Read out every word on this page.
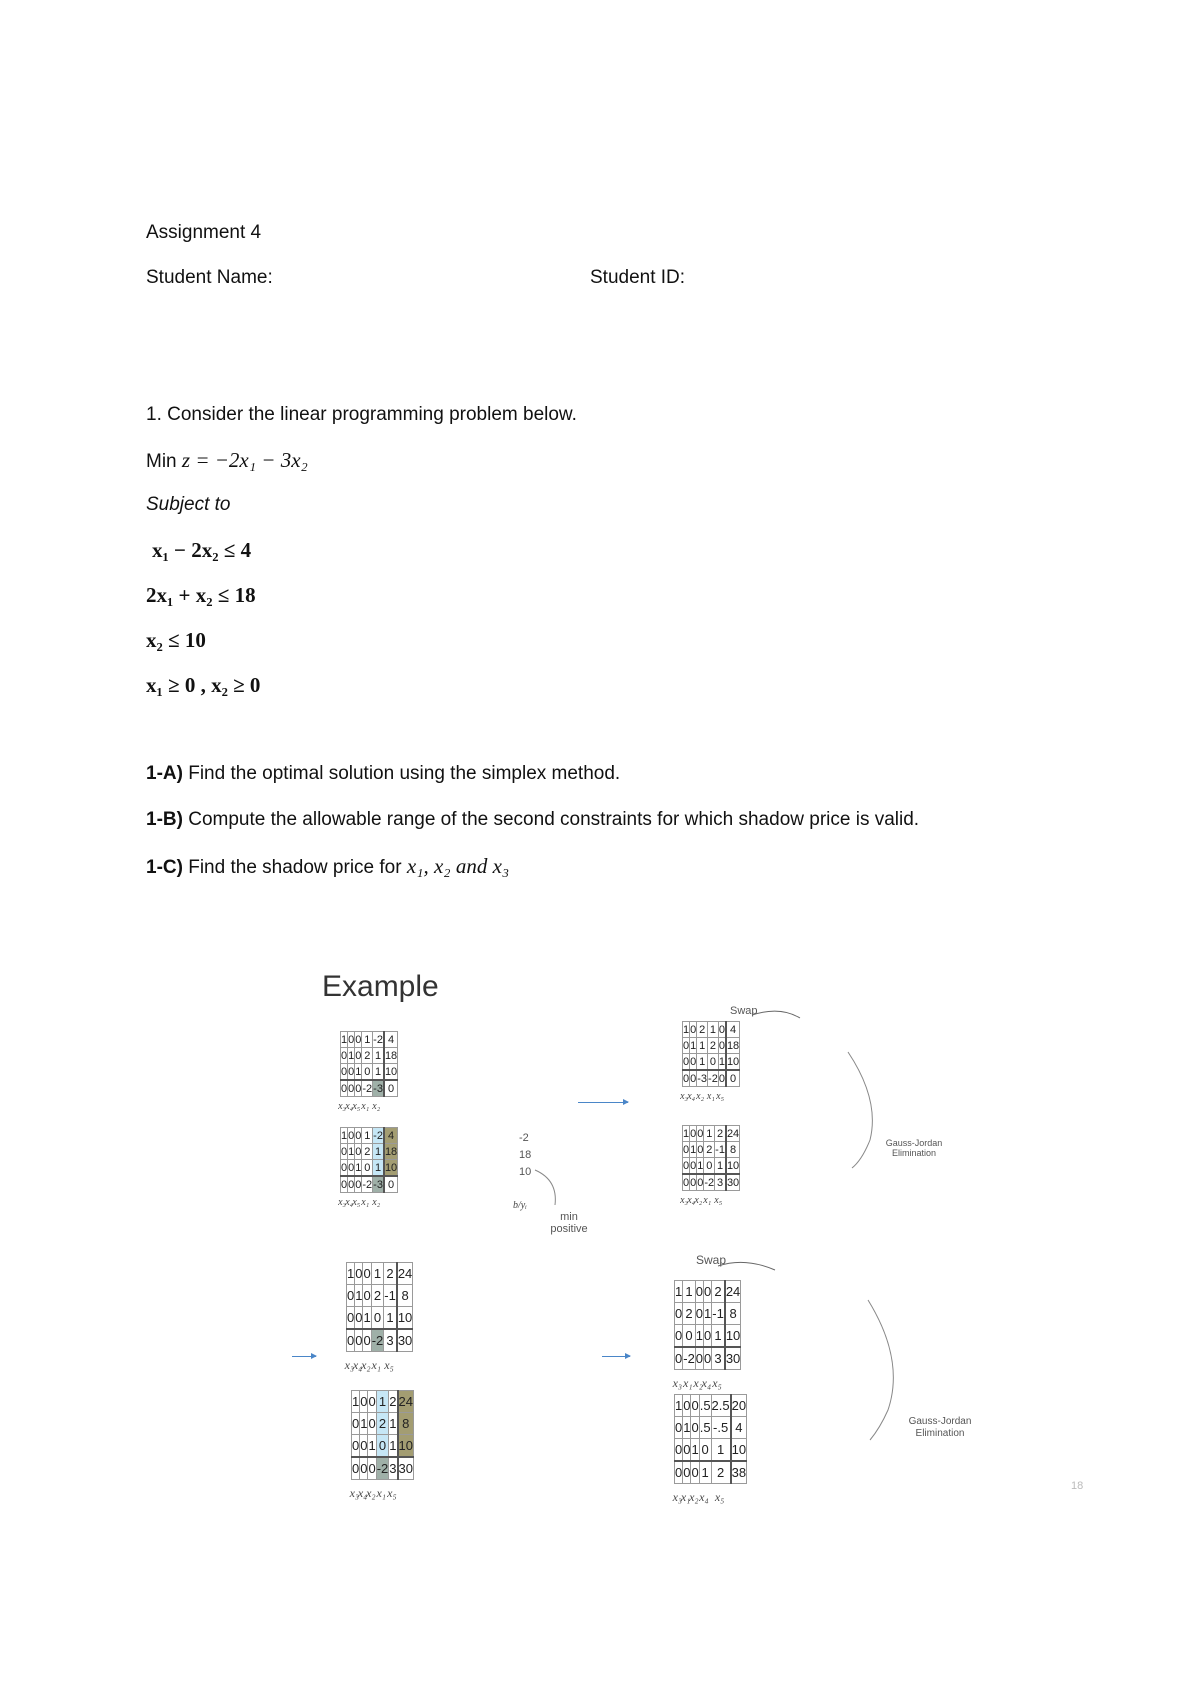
Assignment 4
Student Name:	Student ID:
1. Consider the linear programming problem below.
Min z = −2x₁ − 3x₂
Subject to
x₁ − 2x₂ ≤ 4
2x₁ + x₂ ≤ 18
x₂ ≤ 10
x₁ ≥ 0 , x₂ ≥ 0
1-A) Find the optimal solution using the simplex method.
1-B) Compute the allowable range of the second constraints for which shadow price is valid.
1-C) Find the shadow price for x₁, x₂ and x₃
Example
1	0	0	1	-2	4
0	1	0	2	1	18
0	0	1	0	1	10
0	0	0	-2	-3	0
x₃ x₄ x₅ x₁ x₂
1	0	0	1	-2	4
0	1	0	2	1	18
0	0	1	0	1	10
0	0	0	-2	-3	0
x₃ x₄ x₅ x₁ x₂
-2
18
10
b/yᵢ
min positive
1	0	2	1	0	4
0	1	1	2	0	18
0	0	1	0	1	10
0	0	-3	-2	0	0
x₃ x₄ x₂ x₁ x₅
Swap
1	0	0	1	2	24
0	1	0	2	-1	8
0	0	1	0	1	10
0	0	0	-2	3	30
x₃ x₄ x₂ x₁ x₅
Gauss-Jordan Elimination
1	0	0	1	2	24
0	1	0	2	-1	8
0	0	1	0	1	10
0	0	0	-2	3	30
x₃
x₄
x₂ x₁ x₅
1	0	0	1	2	24
0	1	0	2	1	8
0	0	1	0	1	10
0	0	0	-2	3	30
x₃
x₄
x₂ x₁ x₅
1	1	0	0	2	24
0	2	0	1	-1	8
0	0	1	0	1	10
0	-2	0	0	3	30
x₃ x₁ x₂
x₄ x₅
Swap
1	0	0	.5	2.5	20
0	1	0	.5	-.5	4
0	0	1	0	1	10
0	0	0	1	2	38
x₃
x₁
x₂ x₄ x₅
Gauss-Jordan Elimination
18
